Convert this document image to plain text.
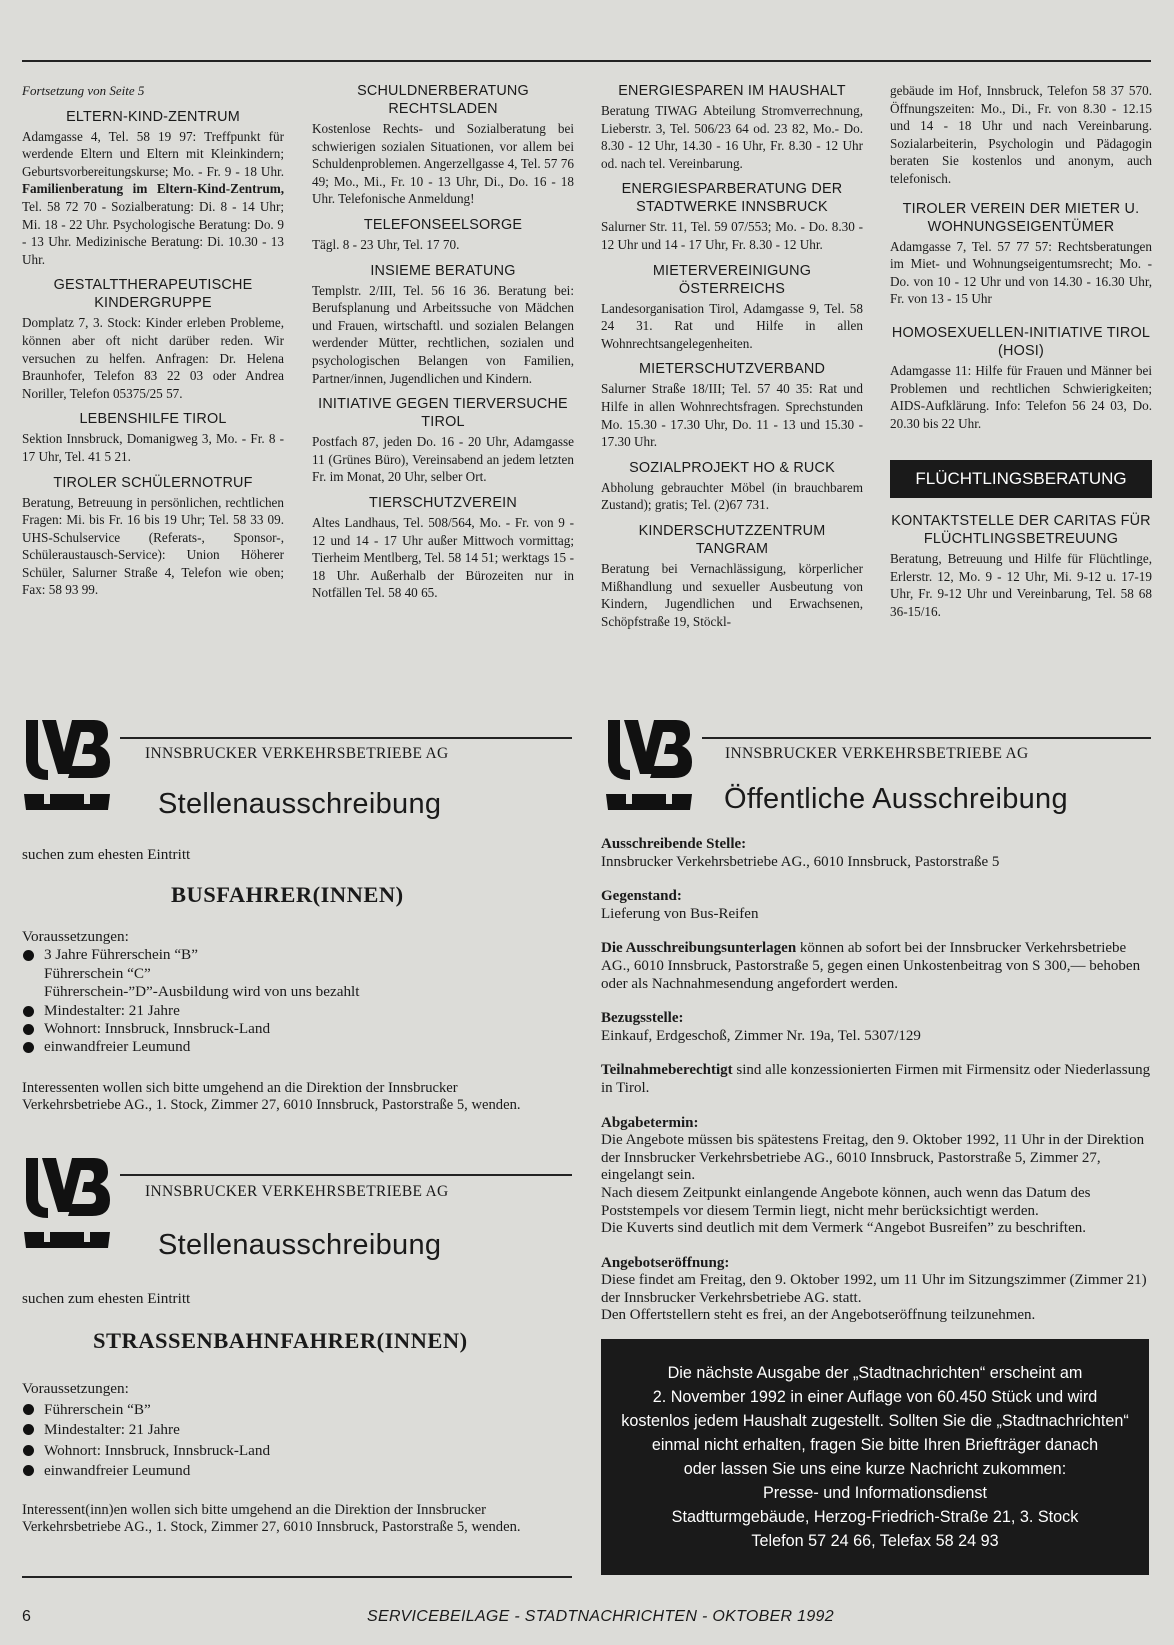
Fortsetzung von Seite 5
ELTERN-KIND-ZENTRUM

Adamgasse 4, Tel. 58 19 97: Treffpunkt für werdende Eltern und Eltern mit Kleinkindern; Geburtsvorbereitungskurse; Mo. - Fr. 9 - 18 Uhr. Familienberatung im Eltern-Kind-Zentrum, Tel. 58 72 70 - Sozialberatung: Di. 8 - 14 Uhr; Mi. 18 - 22 Uhr. Psychologische Beratung: Do. 9 - 13 Uhr. Medizinische Beratung: Di. 10.30 - 13 Uhr.

GESTALTTHERAPEUTISCHE KINDERGRUPPE

Domplatz 7, 3. Stock: Kinder erleben Probleme, können aber oft nicht darüber reden. Wir versuchen zu helfen. Anfragen: Dr. Helena Braunhofer, Telefon 83 22 03 oder Andrea Noriller, Telefon 05375/25 57.

LEBENSHILFE TIROL

Sektion Innsbruck, Domanigweg 3, Mo. - Fr. 8 - 17 Uhr, Tel. 41 5 21.

TIROLER SCHÜLERNOTRUF

Beratung, Betreuung in persönlichen, rechtlichen Fragen: Mi. bis Fr. 16 bis 19 Uhr; Tel. 58 33 09. UHS-Schulservice (Referats-, Sponsor-, Schüleraustausch-Service): Union Höherer Schüler, Salurner Straße 4, Telefon wie oben; Fax: 58 93 99.

SCHULDNERBERATUNG RECHTSLADEN

Kostenlose Rechts- und Sozialberatung bei schwierigen sozialen Situationen, vor allem bei Schuldenproblemen. Angerzellgasse 4, Tel. 57 76 49; Mo., Mi., Fr. 10 - 13 Uhr, Di., Do. 16 - 18 Uhr. Telefonische Anmeldung!

TELEFONSEELSORGE

Tägl. 8 - 23 Uhr, Tel. 17 70.

INSIEME BERATUNG

Templstr. 2/III, Tel. 56 16 36. Beratung bei: Berufsplanung und Arbeitssuche von Mädchen und Frauen, wirtschaftl. und sozialen Belangen werdender Mütter, rechtlichen, sozialen und psychologischen Belangen von Familien, Partner/innen, Jugendlichen und Kindern.

INITIATIVE GEGEN TIERVERSUCHE TIROL

Postfach 87, jeden Do. 16 - 20 Uhr, Adamgasse 11 (Grünes Büro), Vereinsabend an jedem letzten Fr. im Monat, 20 Uhr, selber Ort.

TIERSCHUTZVEREIN

Altes Landhaus, Tel. 508/564, Mo. - Fr. von 9 - 12 und 14 - 17 Uhr außer Mittwoch vormittag; Tierheim Mentlberg, Tel. 58 14 51; werktags 15 - 18 Uhr. Außerhalb der Bürozeiten nur in Notfällen Tel. 58 40 65.

ENERGIESPAREN IM HAUSHALT

Beratung TIWAG Abteilung Stromverrechnung, Lieberstr. 3, Tel. 506/23 64 od. 23 82, Mo.- Do. 8.30 - 12 Uhr, 14.30 - 16 Uhr, Fr. 8.30 - 12 Uhr od. nach tel. Vereinbarung.

ENERGIESPARBERATUNG DER STADTWERKE INNSBRUCK

Salurner Str. 11, Tel. 59 07/553; Mo. - Do. 8.30 - 12 Uhr und 14 - 17 Uhr, Fr. 8.30 - 12 Uhr.

MIETERVEREINIGUNG ÖSTERREICHS

Landesorganisation Tirol, Adamgasse 9, Tel. 58 24 31. Rat und Hilfe in allen Wohnrechtsangelegenheiten.

MIETERSCHUTZVERBAND

Salurner Straße 18/III; Tel. 57 40 35: Rat und Hilfe in allen Wohnrechtsfragen. Sprechstunden Mo. 15.30 - 17.30 Uhr, Do. 11 - 13 und 15.30 - 17.30 Uhr.

SOZIALPROJEKT HO & RUCK

Abholung gebrauchter Möbel (in brauchbarem Zustand); gratis; Tel. (2)67 731.

KINDERSCHUTZZENTRUM TANGRAM

Beratung bei Vernachlässigung, körperlicher Mißhandlung und sexueller Ausbeutung von Kindern, Jugendlichen und Erwachsenen, Schöpfstraße 19, Stöckl-

gebäude im Hof, Innsbruck, Telefon 58 37 570. Öffnungszeiten: Mo., Di., Fr. von 8.30 - 12.15 und 14 - 18 Uhr und nach Vereinbarung. Sozialarbeiterin, Psychologin und Pädagogin beraten Sie kostenlos und anonym, auch telefonisch.

TIROLER VEREIN DER MIETER U. WOHNUNGSEIGENTÜMER

Adamgasse 7, Tel. 57 77 57: Rechtsberatungen im Miet- und Wohnungseigentumsrecht; Mo. - Do. von 10 - 12 Uhr und von 14.30 - 16.30 Uhr, Fr. von 13 - 15 Uhr

HOMOSEXUELLEN-INITIATIVE TIROL (HOSI)

Adamgasse 11: Hilfe für Frauen und Männer bei Problemen und rechtlichen Schwierigkeiten; AIDS-Aufklärung. Info: Telefon 56 24 03, Do. 20.30 bis 22 Uhr.

FLÜCHTLINGSBERATUNG
KONTAKTSTELLE DER CARITAS FÜR FLÜCHTLINGSBETREUUNG

Beratung, Betreuung und Hilfe für Flüchtlinge, Erlerstr. 12, Mo. 9 - 12 Uhr, Mi. 9-12 u. 17-19 Uhr, Fr. 9-12 Uhr und Vereinbarung, Tel. 58 68 36-15/16.

INNSBRUCKER VERKEHRSBETRIEBE AG
Stellenausschreibung
suchen zum ehesten Eintritt
BUSFAHRER(INNEN)
Voraussetzungen:
3 Jahre Führerschein “B”
Führerschein “C”
Führerschein-”D”-Ausbildung wird von uns bezahlt
Mindestalter: 21 Jahre
Wohnort: Innsbruck, Innsbruck-Land
einwandfreier Leumund
Interessenten wollen sich bitte umgehend an die Direktion der Innsbrucker Verkehrsbetriebe AG., 1. Stock, Zimmer 27, 6010 Innsbruck, Pastorstraße 5, wenden.
INNSBRUCKER VERKEHRSBETRIEBE AG
Stellenausschreibung
suchen zum ehesten Eintritt
STRASSENBAHNFAHRER(INNEN)
Voraussetzungen:
Führerschein “B”
Mindestalter: 21 Jahre
Wohnort: Innsbruck, Innsbruck-Land
einwandfreier Leumund
Interessent(inn)en wollen sich bitte umgehend an die Direktion der Innsbrucker Verkehrsbetriebe AG., 1. Stock, Zimmer 27, 6010 Innsbruck, Pastorstraße 5, wenden.
INNSBRUCKER VERKEHRSBETRIEBE AG
Öffentliche Ausschreibung
Ausschreibende Stelle:
Innsbrucker Verkehrsbetriebe AG., 6010 Innsbruck, Pastorstraße 5
Gegenstand:
Lieferung von Bus-Reifen
Die Ausschreibungsunterlagen können ab sofort bei der Innsbrucker Verkehrsbetriebe AG., 6010 Innsbruck, Pastorstraße 5, gegen einen Unkostenbeitrag von S 300,— behoben oder als Nachnahmesendung angefordert werden.
Bezugsstelle:
Einkauf, Erdgeschoß, Zimmer Nr. 19a, Tel. 5307/129
Teilnahmeberechtigt sind alle konzessionierten Firmen mit Firmensitz oder Niederlassung in Tirol.
Abgabetermin:
Die Angebote müssen bis spätestens Freitag, den 9. Oktober 1992, 11 Uhr in der Direktion der Innsbrucker Verkehrsbetriebe AG., 6010 Innsbruck, Pastorstraße 5, Zimmer 27, eingelangt sein.
Nach diesem Zeitpunkt einlangende Angebote können, auch wenn das Datum des Poststempels vor diesem Termin liegt, nicht mehr berücksichtigt werden.
Die Kuverts sind deutlich mit dem Vermerk “Angebot Busreifen” zu beschriften.
Angebotseröffnung:
Diese findet am Freitag, den 9. Oktober 1992, um 11 Uhr im Sitzungszimmer (Zimmer 21) der Innsbrucker Verkehrsbetriebe AG. statt.
Den Offertstellern steht es frei, an der Angebotseröffnung teilzunehmen.
Die nächste Ausgabe der „Stadtnachrichten“ erscheint am
2. November 1992 in einer Auflage von 60.450 Stück und wird
kostenlos jedem Haushalt zugestellt. Sollten Sie die „Stadtnachrichten“
einmal nicht erhalten, fragen Sie bitte Ihren Briefträger danach
oder lassen Sie uns eine kurze Nachricht zukommen:
Presse- und Informationsdienst
Stadtturmgebäude, Herzog-Friedrich-Straße 21, 3. Stock
Telefon 57 24 66, Telefax 58 24 93
6	SERVICEBEILAGE - STADTNACHRICHTEN - OKTOBER 1992
